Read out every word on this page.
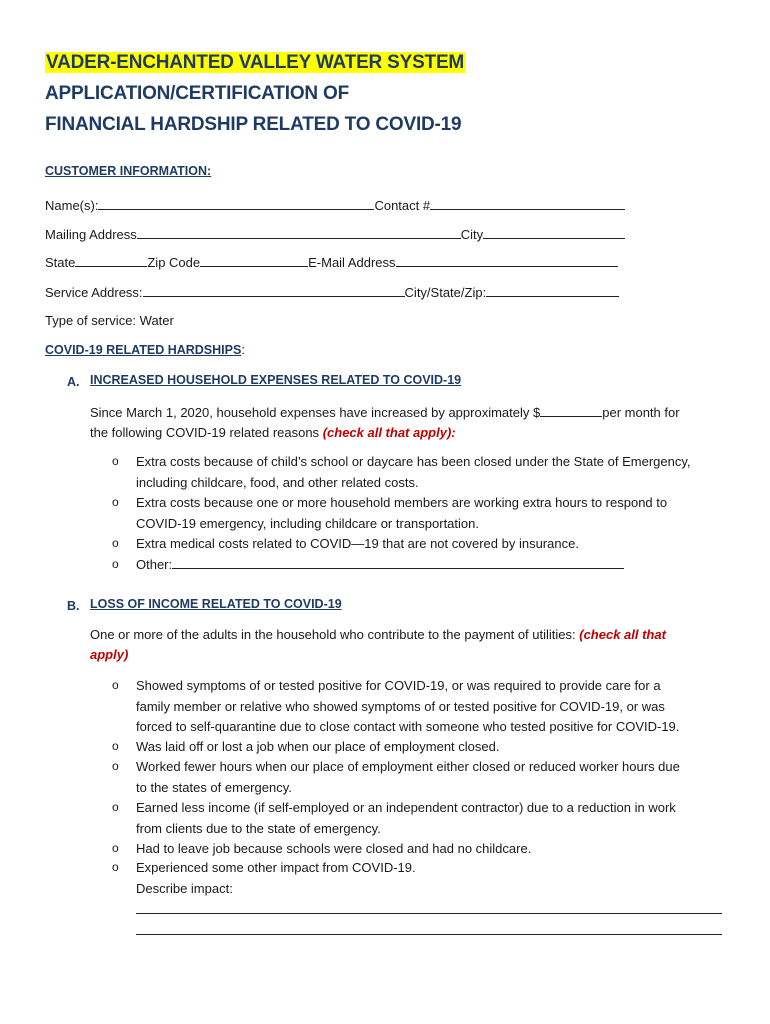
VADER-ENCHANTED VALLEY WATER SYSTEM
APPLICATION/CERTIFICATION OF
FINANCIAL HARDSHIP RELATED TO COVID-19
CUSTOMER INFORMATION:
Name(s):	Contact #
Mailing Address	City
State	Zip Code	E-Mail Address
Service Address:	City/State/Zip:
Type of service: Water
COVID-19 RELATED HARDSHIPS:
A. INCREASED HOUSEHOLD EXPENSES RELATED TO COVID-19
Since March 1, 2020, household expenses have increased by approximately $	per month for
the following COVID-19 related reasons (check all that apply):
o Extra costs because of child’s school or daycare has been closed under the State of Emergency,
including childcare, food, and other related costs.
o Extra costs because one or more household members are working extra hours to respond to
COVID-19 emergency, including childcare or transportation.
o Extra medical costs related to COVID—19 that are not covered by insurance.
o Other:
B. LOSS OF INCOME RELATED TO COVID-19
One or more of the adults in the household who contribute to the payment of utilities: (check all that
apply)
o Showed symptoms of or tested positive for COVID-19, or was required to provide care for a
family member or relative who showed symptoms of or tested positive for COVID-19, or was
forced to self-quarantine due to close contact with someone who tested positive for COVID-19.
o Was laid off or lost a job when our place of employment closed.
o Worked fewer hours when our place of employment either closed or reduced worker hours due
to the states of emergency.
o Earned less income (if self-employed or an independent contractor) due to a reduction in work
from clients due to the state of emergency.
o Had to leave job because schools were closed and had no childcare.
o Experienced some other impact from COVID-19.
Describe impact:
